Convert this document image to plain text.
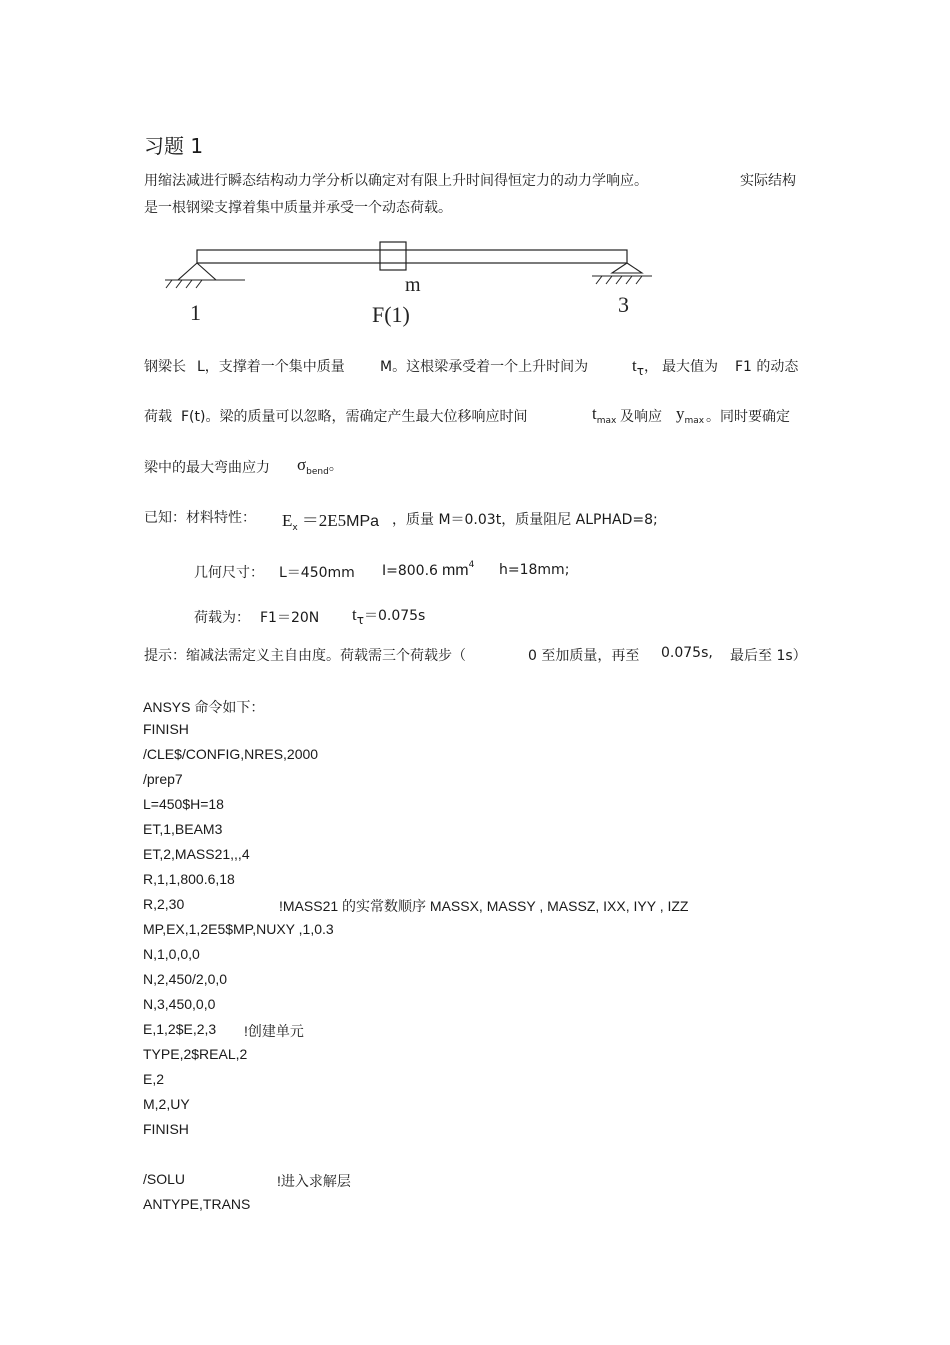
习题 1
用缩法减进行瞬态结构动力学分析以确定对有限上升时间得恒定力的动力学响应。	实际结构
是一根钢梁支撑着集中质量并承受一个动态荷载。
1
m
F(1)	3
钢梁长 L，支撑着一个集中质量	M。这根梁承受着一个上升时间为	$t_\tau$， 最大值为 F1 的动态
荷载 F(t)。梁的质量可以忽略，需确定产生最大位移响应时间	$t_{max}$ 及响应 $y_{max}$ 。同时要确定
梁中的最大弯曲应力 $\sigma_{bend}$。
已知：材料特性： $E_x =2E5MPa$ ，质量 M＝0.03t，质量阻尼 ALPHAD=8;
几何尺寸： L＝450mm I=800.6 $mm^4$ h=18mm;
荷载为： F1＝20N $t_\tau=0.075s$
提示：缩减法需定义主自由度。荷载需三个荷载步（	0 至加质量，再至 0.075s, 最后至 1s）
ANSYS 命令如下：
FINISH
/CLE$/CONFIG,NRES,2000
/prep7
L=450$H=18
ET,1,BEAM3
ET,2,MASS21,,,4
R,1,1,800.6,18
R,2,30	!MASS21 的实常数顺序 MASSX, MASSY , MASSZ, IXX, IYY , IZZ
MP,EX,1,2E5$MP,NUXY ,1,0.3
N,1,0,0,0
N,2,450/2,0,0
N,3,450,0,0
E,1,2$E,2,3 !创建单元
TYPE,2$REAL,2
E,2
M,2,UY
FINISH
/SOLU	!进入求解层
ANTYPE,TRANS
